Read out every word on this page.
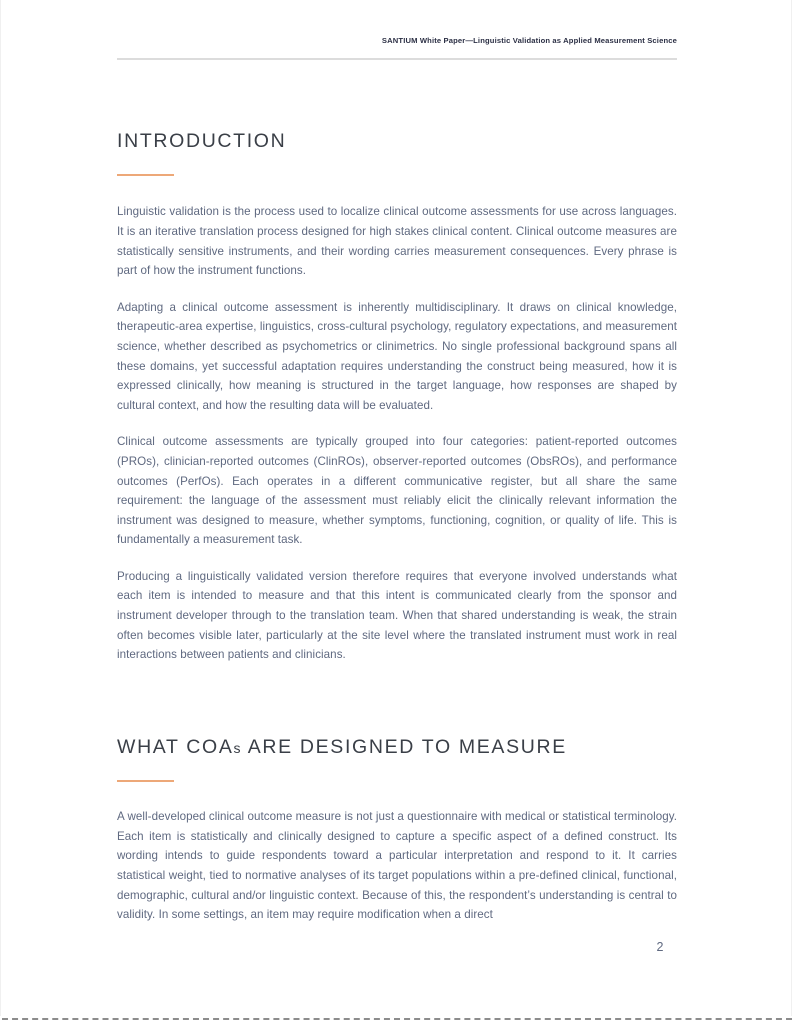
SANTIUM White Paper—Linguistic Validation as Applied Measurement Science
INTRODUCTION

Linguistic validation is the process used to localize clinical outcome assessments for use across languages. It is an iterative translation process designed for high stakes clinical content. Clinical outcome measures are statistically sensitive instruments, and their wording carries measurement consequences. Every phrase is part of how the instrument functions.

Adapting a clinical outcome assessment is inherently multidisciplinary. It draws on clinical knowledge, therapeutic-area expertise, linguistics, cross-cultural psychology, regulatory expectations, and measurement science, whether described as psychometrics or clinimetrics. No single professional background spans all these domains, yet successful adaptation requires understanding the construct being measured, how it is expressed clinically, how meaning is structured in the target language, how responses are shaped by cultural context, and how the resulting data will be evaluated.

Clinical outcome assessments are typically grouped into four categories: patient-reported outcomes (PROs), clinician-reported outcomes (ClinROs), observer-reported outcomes (ObsROs), and performance outcomes (PerfOs). Each operates in a different communicative register, but all share the same requirement: the language of the assessment must reliably elicit the clinically relevant information the instrument was designed to measure, whether symptoms, functioning, cognition, or quality of life. This is fundamentally a measurement task.

Producing a linguistically validated version therefore requires that everyone involved understands what each item is intended to measure and that this intent is communicated clearly from the sponsor and instrument developer through to the translation team. When that shared understanding is weak, the strain often becomes visible later, particularly at the site level where the translated instrument must work in real interactions between patients and clinicians.

WHAT COAs ARE DESIGNED TO MEASURE

A well-developed clinical outcome measure is not just a questionnaire with medical or statistical terminology. Each item is statistically and clinically designed to capture a specific aspect of a defined construct. Its wording intends to guide respondents toward a particular interpretation and respond to it. It carries statistical weight, tied to normative analyses of its target populations within a pre-defined clinical, functional, demographic, cultural and/or linguistic context. Because of this, the respondent’s understanding is central to validity. In some settings, an item may require modification when a direct

2
